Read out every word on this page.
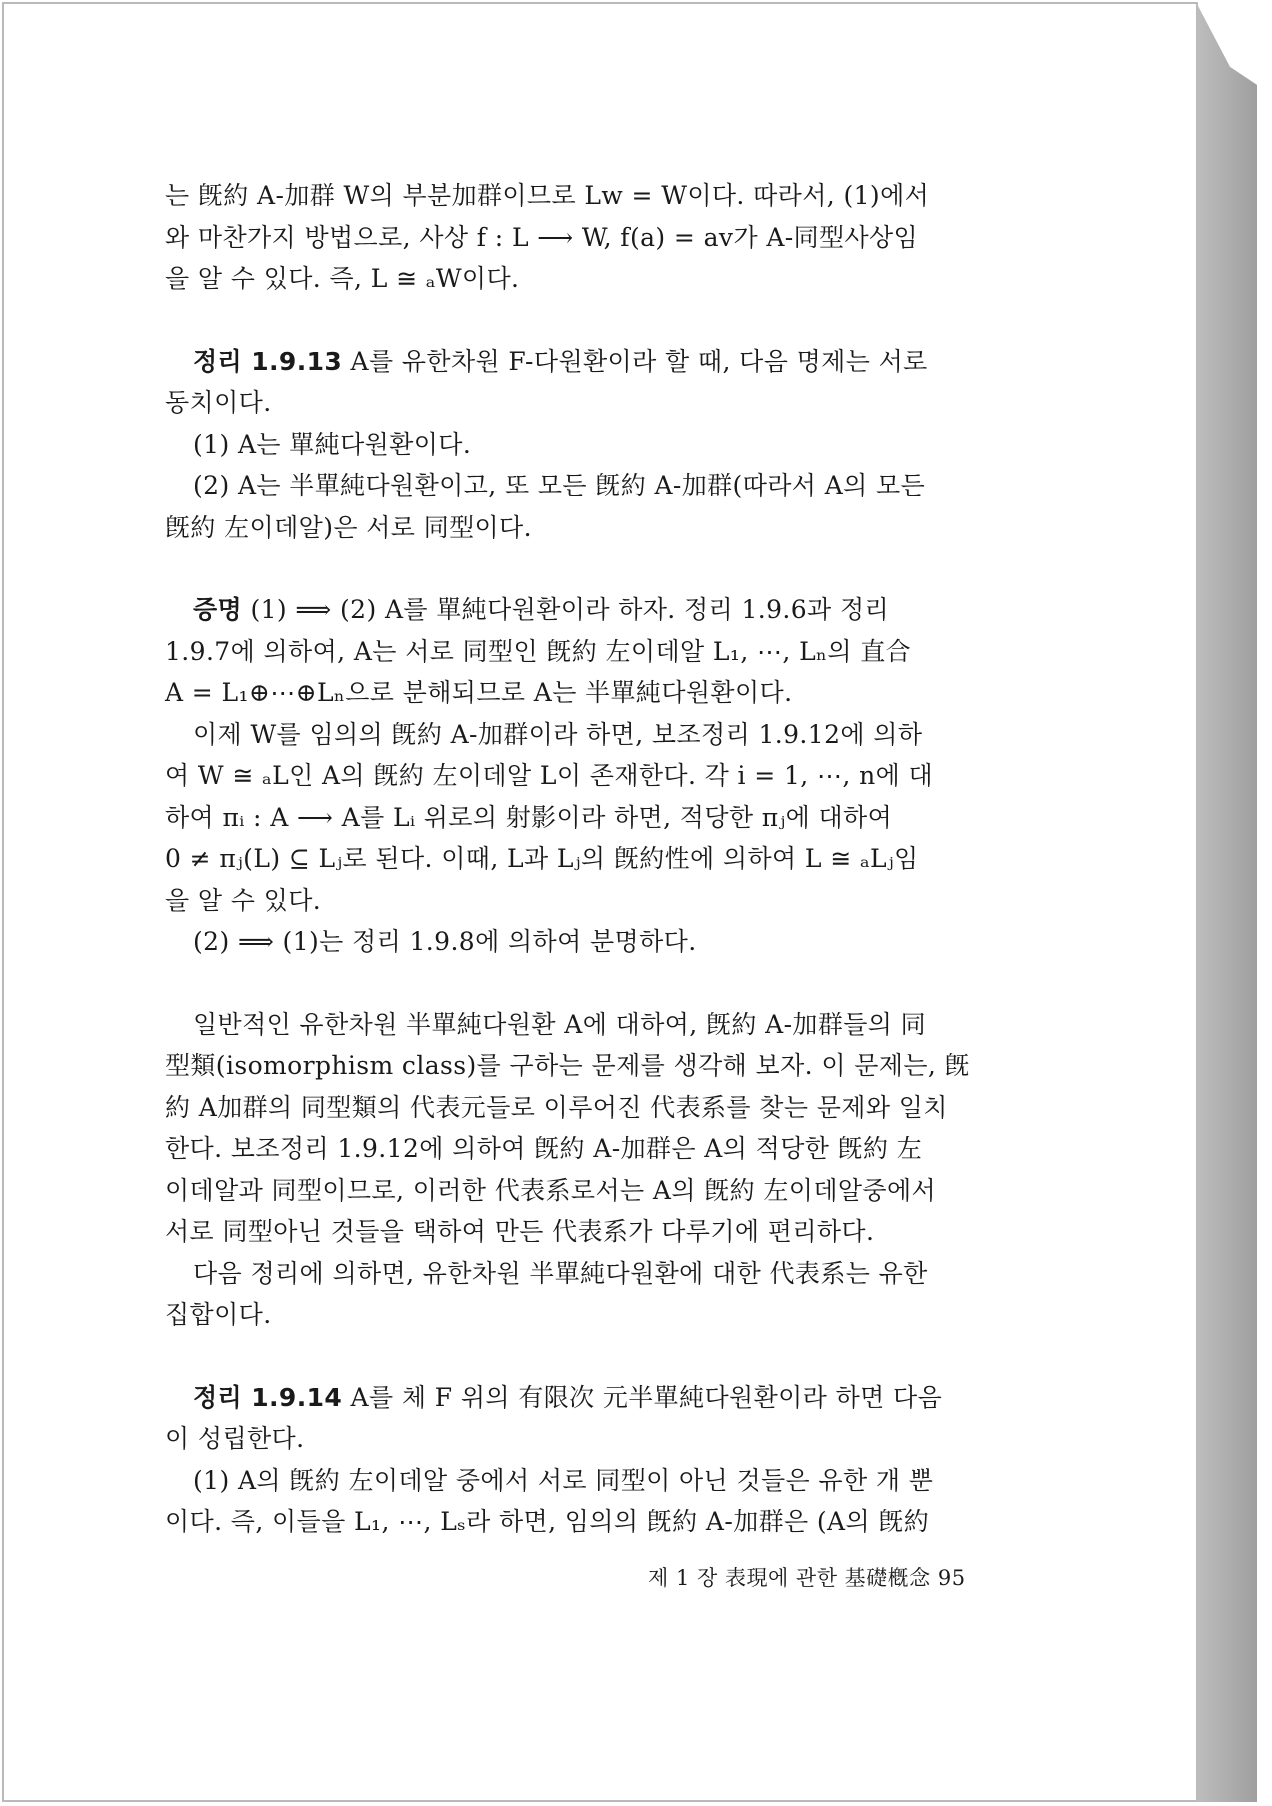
는 旣約 A-加群 W의 부분加群이므로 Lw = W이다. 따라서, (1)에서
와 마찬가지 방법으로, 사상 f : L ⟶ W, f(a) = av가 A-同型사상임
을 알 수 있다. 즉, L ≅ ₐW이다.
정리 1.9.13 A를 유한차원 F-다원환이라 할 때, 다음 명제는 서로
동치이다.
(1) A는 單純다원환이다.
(2) A는 半單純다원환이고, 또 모든 旣約 A-加群(따라서 A의 모든
旣約 左이데알)은 서로 同型이다.
증명 (1) ⟹ (2) A를 單純다원환이라 하자. 정리 1.9.6과 정리
1.9.7에 의하여, A는 서로 同型인 旣約 左이데알 L₁, ⋯, Lₙ의 直合
A = L₁⊕⋯⊕Lₙ으로 분해되므로 A는 半單純다원환이다.
이제 W를 임의의 旣約 A-加群이라 하면, 보조정리 1.9.12에 의하
여 W ≅ ₐL인 A의 旣約 左이데알 L이 존재한다. 각 i = 1, ⋯, n에 대
하여 πᵢ : A ⟶ A를 Lᵢ 위로의 射影이라 하면, 적당한 πⱼ에 대하여
0 ≠ πⱼ(L) ⊆ Lⱼ로 된다. 이때, L과 Lⱼ의 旣約性에 의하여 L ≅ ₐLⱼ임
을 알 수 있다.
(2) ⟹ (1)는 정리 1.9.8에 의하여 분명하다.
일반적인 유한차원 半單純다원환 A에 대하여, 旣約 A-加群들의 同
型類(isomorphism class)를 구하는 문제를 생각해 보자. 이 문제는, 旣
約 A加群의 同型類의 代表元들로 이루어진 代表系를 찾는 문제와 일치
한다. 보조정리 1.9.12에 의하여 旣約 A-加群은 A의 적당한 旣約 左
이데알과 同型이므로, 이러한 代表系로서는 A의 旣約 左이데알중에서
서로 同型아닌 것들을 택하여 만든 代表系가 다루기에 편리하다.
다음 정리에 의하면, 유한차원 半單純다원환에 대한 代表系는 유한
집합이다.
정리 1.9.14 A를 체 F 위의 有限次 元半單純다원환이라 하면 다음
이 성립한다.
(1) A의 旣約 左이데알 중에서 서로 同型이 아닌 것들은 유한 개 뿐
이다. 즉, 이들을 L₁, ⋯, Lₛ라 하면, 임의의 旣約 A-加群은 (A의 旣約
제 1 장 表現에 관한 基礎槪念 95
